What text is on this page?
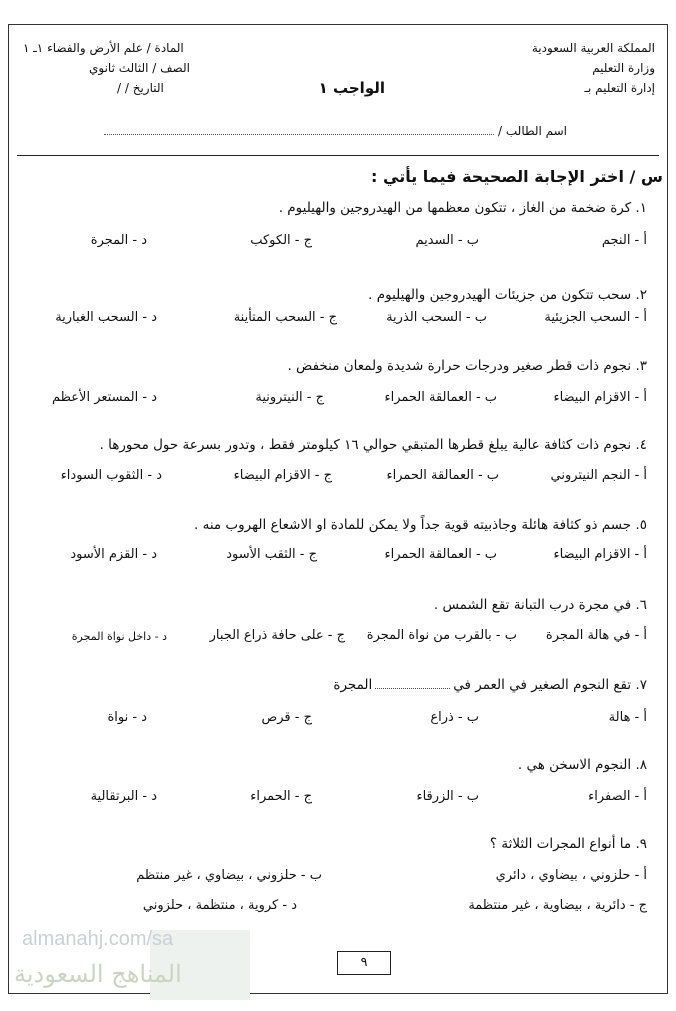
المملكة العربية السعودية
وزارة التعليم
إدارة التعليم بـ
الواجب ١
المادة / علم الأرض والفضاء ١ـ ١
الصف / الثالث ثانوي
التاريخ / /
اسم الطالب /
س / اختر الإجابة الصحيحة فيما يأتي :
١. كرة ضخمة من الغاز ، تتكون معظمها من الهيدروجين والهيليوم .
أ - النجم
ب - السديم
ج - الكوكب
د - المجرة
٢. سحب تتكون من جزيئات الهيدروجين والهيليوم .
أ - السحب الجزيئية
ب - السحب الذرية
ج - السحب المتأينة
د - السحب الغبارية
٣. نجوم ذات قطر صغير ودرجات حرارة شديدة ولمعان منخفض .
أ - الاقزام البيضاء
ب - العمالقة الحمراء
ج - النيترونية
د - المستعر الأعظم
٤. نجوم ذات كثافة عالية يبلغ قطرها المتبقي حوالي ١٦ كيلومتر فقط ، وتدور بسرعة حول محورها .
أ - النجم النيتروني
ب - العمالقة الحمراء
ج - الاقزام البيضاء
د - الثقوب السوداء
٥. جسم ذو كثافة هائلة وجاذبيته قوية جداً ولا يمكن للمادة او الاشعاع الهروب منه .
أ - الاقزام البيضاء
ب - العمالقة الحمراء
ج - الثقب الأسود
د - القزم الأسود
٦. في مجرة درب التبانة تقع الشمس .
أ - في هالة المجرة
ب - بالقرب من نواة المجرة
ج - على حافة ذراع الجبار
د - داخل نواة المجرة
٧. تقع النجوم الصغير في العمر فيالمجرة
أ - هالة
ب - ذراع
ج - قرص
د - نواة
٨. النجوم الاسخن هي .
أ - الصفراء
ب - الزرقاء
ج - الحمراء
د - البرتقالية
٩. ما أنواع المجرات الثلاثة ؟
أ - حلزوني ، بيضاوي ، دائري
ب - حلزوني ، بيضاوي ، غير منتظم
ج - دائرية ، بيضاوية ، غير منتظمة
د - كروية ، منتظمة ، حلزوني
٩
almanahj.com/sa
المناهج السعودية
